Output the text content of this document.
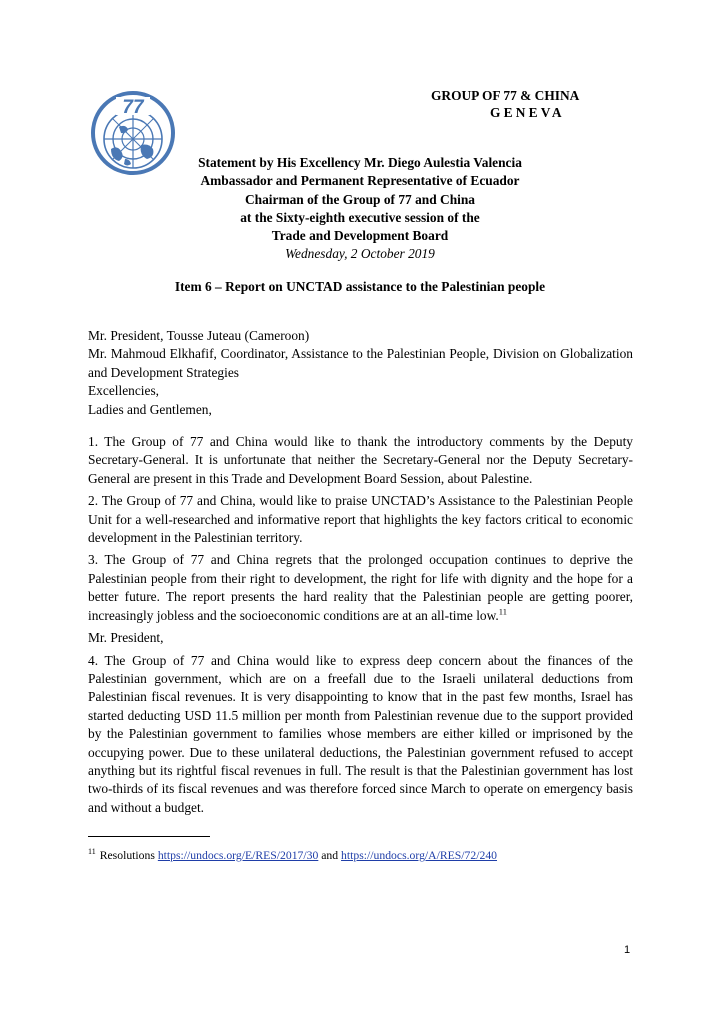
77
GROUP OF 77 & CHINA
GENEVA
Statement by His Excellency Mr. Diego Aulestia Valencia
Ambassador and Permanent Representative of Ecuador
Chairman of the Group of 77 and China
at the Sixty-eighth executive session of the
Trade and Development Board
Wednesday, 2 October 2019
Item 6 – Report on UNCTAD assistance to the Palestinian people
Mr. President, Tousse Juteau (Cameroon)
Mr. Mahmoud Elkhafif, Coordinator, Assistance to the Palestinian People, Division on Globalization and Development Strategies
Excellencies,
Ladies and Gentlemen,
1. The Group of 77 and China would like to thank the introductory comments by the Deputy Secretary-General. It is unfortunate that neither the Secretary-General nor the Deputy Secretary-General are present in this Trade and Development Board Session, about Palestine.
2. The Group of 77 and China, would like to praise UNCTAD’s Assistance to the Palestinian People Unit for a well-researched and informative report that highlights the key factors critical to economic development in the Palestinian territory.
3. The Group of 77 and China regrets that the prolonged occupation continues to deprive the Palestinian people from their right to development, the right for life with dignity and the hope for a better future. The report presents the hard reality that the Palestinian people are getting poorer, increasingly jobless and the socioeconomic conditions are at an all-time low.$^{11}$
Mr. President,
4. The Group of 77 and China would like to express deep concern about the finances of the Palestinian government, which are on a freefall due to the Israeli unilateral deductions from Palestinian fiscal revenues. It is very disappointing to know that in the past few months, Israel has started deducting USD 11.5 million per month from Palestinian revenue due to the support provided by the Palestinian government to families whose members are either killed or imprisoned by the occupying power. Due to these unilateral deductions, the Palestinian government refused to accept anything but its rightful fiscal revenues in full. The result is that the Palestinian government has lost two-thirds of its fiscal revenues and was therefore forced since March to operate on emergency basis and without a budget.
$^{11}$ Resolutions https://undocs.org/E/RES/2017/30 and https://undocs.org/A/RES/72/240
1
